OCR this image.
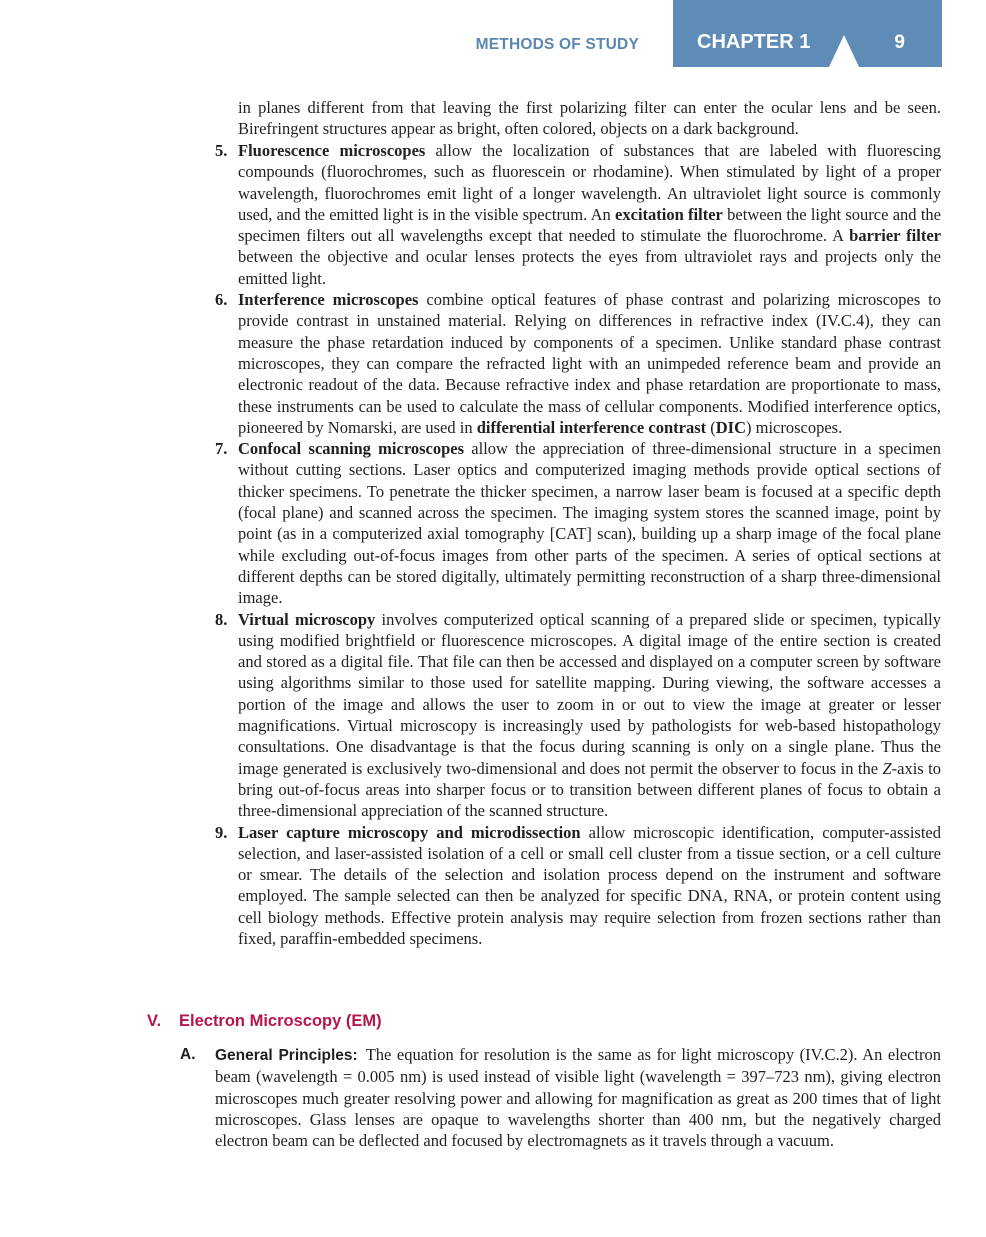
METHODS OF STUDY	CHAPTER 1	9

in planes different from that leaving the first polarizing filter can enter the ocular lens and be seen. Birefringent structures appear as bright, often colored, objects on a dark background.

5. Fluorescence microscopes allow the localization of substances that are labeled with fluorescing compounds (fluorochromes, such as fluorescein or rhodamine). When stimulated by light of a proper wavelength, fluorochromes emit light of a longer wavelength. An ultraviolet light source is commonly used, and the emitted light is in the visible spectrum. An excitation filter between the light source and the specimen filters out all wavelengths except that needed to stimulate the fluorochrome. A barrier filter between the objective and ocular lenses protects the eyes from ultraviolet rays and projects only the emitted light.
6. Interference microscopes combine optical features of phase contrast and polarizing microscopes to provide contrast in unstained material. Relying on differences in refractive index (IV.C.4), they can measure the phase retardation induced by components of a specimen. Unlike standard phase contrast microscopes, they can compare the refracted light with an unimpeded reference beam and provide an electronic readout of the data. Because refractive index and phase retardation are proportionate to mass, these instruments can be used to calculate the mass of cellular components. Modified interference optics, pioneered by Nomarski, are used in differential interference contrast (DIC) microscopes.
7. Confocal scanning microscopes allow the appreciation of three-dimensional structure in a specimen without cutting sections. Laser optics and computerized imaging methods provide optical sections of thicker specimens. To penetrate the thicker specimen, a narrow laser beam is focused at a specific depth (focal plane) and scanned across the specimen. The imaging system stores the scanned image, point by point (as in a computerized axial tomography [CAT] scan), building up a sharp image of the focal plane while excluding out-of-focus images from other parts of the specimen. A series of optical sections at different depths can be stored digitally, ultimately permitting reconstruction of a sharp three-dimensional image.
8. Virtual microscopy involves computerized optical scanning of a prepared slide or specimen, typically using modified brightfield or fluorescence microscopes. A digital image of the entire section is created and stored as a digital file. That file can then be accessed and displayed on a computer screen by software using algorithms similar to those used for satellite mapping. During viewing, the software accesses a portion of the image and allows the user to zoom in or out to view the image at greater or lesser magnifications. Virtual microscopy is increasingly used by pathologists for web-based histopathology consultations. One disadvantage is that the focus during scanning is only on a single plane. Thus the image generated is exclusively two-dimensional and does not permit the observer to focus in the Z-axis to bring out-of-focus areas into sharper focus or to transition between different planes of focus to obtain a three-dimensional appreciation of the scanned structure.
9. Laser capture microscopy and microdissection allow microscopic identification, computer-assisted selection, and laser-assisted isolation of a cell or small cell cluster from a tissue section, or a cell culture or smear. The details of the selection and isolation process depend on the instrument and software employed. The sample selected can then be analyzed for specific DNA, RNA, or protein content using cell biology methods. Effective protein analysis may require selection from frozen sections rather than fixed, paraffin-embedded specimens.
V. Electron Microscopy (EM)
A. General Principles: The equation for resolution is the same as for light microscopy (IV.C.2). An electron beam (wavelength = 0.005 nm) is used instead of visible light (wavelength = 397–723 nm), giving electron microscopes much greater resolving power and allowing for magnification as great as 200 times that of light microscopes. Glass lenses are opaque to wavelengths shorter than 400 nm, but the negatively charged electron beam can be deflected and focused by electromagnets as it travels through a vacuum.
